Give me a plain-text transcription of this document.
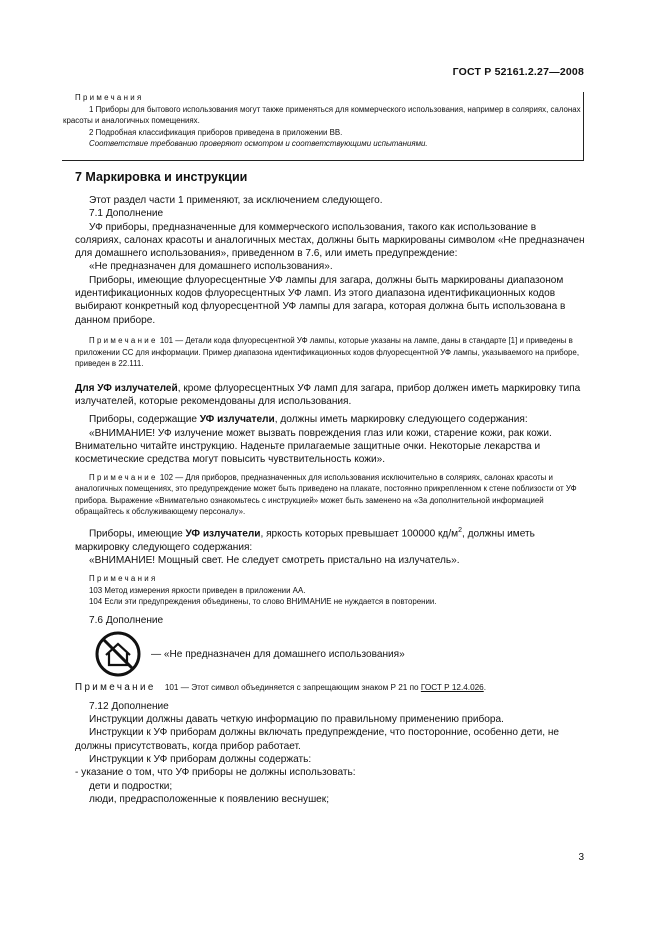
ГОСТ Р 52161.2.27—2008

Примечания

1 Приборы для бытового использования могут также применяться для коммерческого использования, например в соляриях, салонах красоты и аналогичных помещениях.

2 Подробная классификация приборов приведена в приложении ВВ.

Соответствие требованию проверяют осмотром и соответствующими испытаниями.

7 Маркировка и инструкции

Этот раздел части 1 применяют, за исключением следующего.

7.1 Дополнение

УФ приборы, предназначенные для коммерческого использования, такого как использование в соляриях, салонах красоты и аналогичных местах, должны быть маркированы символом «Не предназначен для домашнего использования», приведенном в 7.6, или иметь предупреждение:

«Не предназначен для домашнего использования».

Приборы, имеющие флуоресцентные УФ лампы для загара, должны быть маркированы диапазоном идентификационных кодов флуоресцентных УФ ламп. Из этого диапазона идентификационных кодов выбирают конкретный код флуоресцентной УФ лампы для загара, которая должна быть использована в данном приборе.

Примечание 101 — Детали кода флуоресцентной УФ лампы, которые указаны на лампе, даны в стандарте [1] и приведены в приложении СС для информации. Пример диапазона идентификационных кодов флуоресцентной УФ лампы, указываемого на приборе, приведен в 22.111.

Для УФ излучателей, кроме флуоресцентных УФ ламп для загара, прибор должен иметь маркировку типа излучателей, которые рекомендованы для использования.

Приборы, содержащие УФ излучатели, должны иметь маркировку следующего содержания:

«ВНИМАНИЕ! УФ излучение может вызвать повреждения глаз или кожи, старение кожи, рак кожи. Внимательно читайте инструкцию. Наденьте прилагаемые защитные очки. Некоторые лекарства и косметические средства могут повысить чувствительность кожи».

Примечание 102 — Для приборов, предназначенных для использования исключительно в соляриях, салонах красоты и аналогичных помещениях, это предупреждение может быть приведено на плакате, постоянно прикрепленном к стене поблизости от УФ прибора. Выражение «Внимательно ознакомьтесь с инструкцией» может быть заменено на «За дополнительной информацией обращайтесь к обслуживающему персоналу».

Приборы, имеющие УФ излучатели, яркость которых превышает 100000 $кд/м^2$, должны иметь маркировку следующего содержания:

«ВНИМАНИЕ! Мощный свет. Не следует смотреть пристально на излучатель».

Примечания

103 Метод измерения яркости приведен в приложении АА.

104 Если эти предупреждения объединены, то слово ВНИМАНИЕ не нуждается в повторении.

7.6 Дополнение

— «Не предназначен для домашнего использования»

Примечание 101 — Этот символ объединяется с запрещающим знаком Р 21 по ГОСТ Р 12.4.026.

7.12 Дополнение

Инструкции должны давать четкую информацию по правильному применению прибора.

Инструкции к УФ приборам должны включать предупреждение, что посторонние, особенно дети, не должны присутствовать, когда прибор работает.

Инструкции к УФ приборам должны содержать:

- указание о том, что УФ приборы не должны использовать:

дети и подростки;

люди, предрасположенные к появлению веснушек;

3
